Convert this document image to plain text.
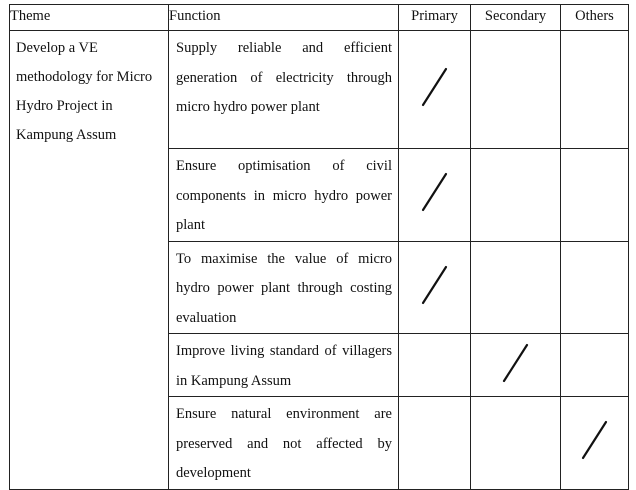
Theme	Function	Primary	Secondary	Others
Develop a VE methodology for Micro Hydro Project in Kampung Assum	Supply reliable and efficient generation of electricity through micro hydro power plant	

	Ensure optimisation of civil components in micro hydro power plant	

	To maximise the value of micro hydro power plant through costing evaluation	

	Improve living standard of villagers in Kampung Assum		

	Ensure natural environment are preserved and not affected by development			
